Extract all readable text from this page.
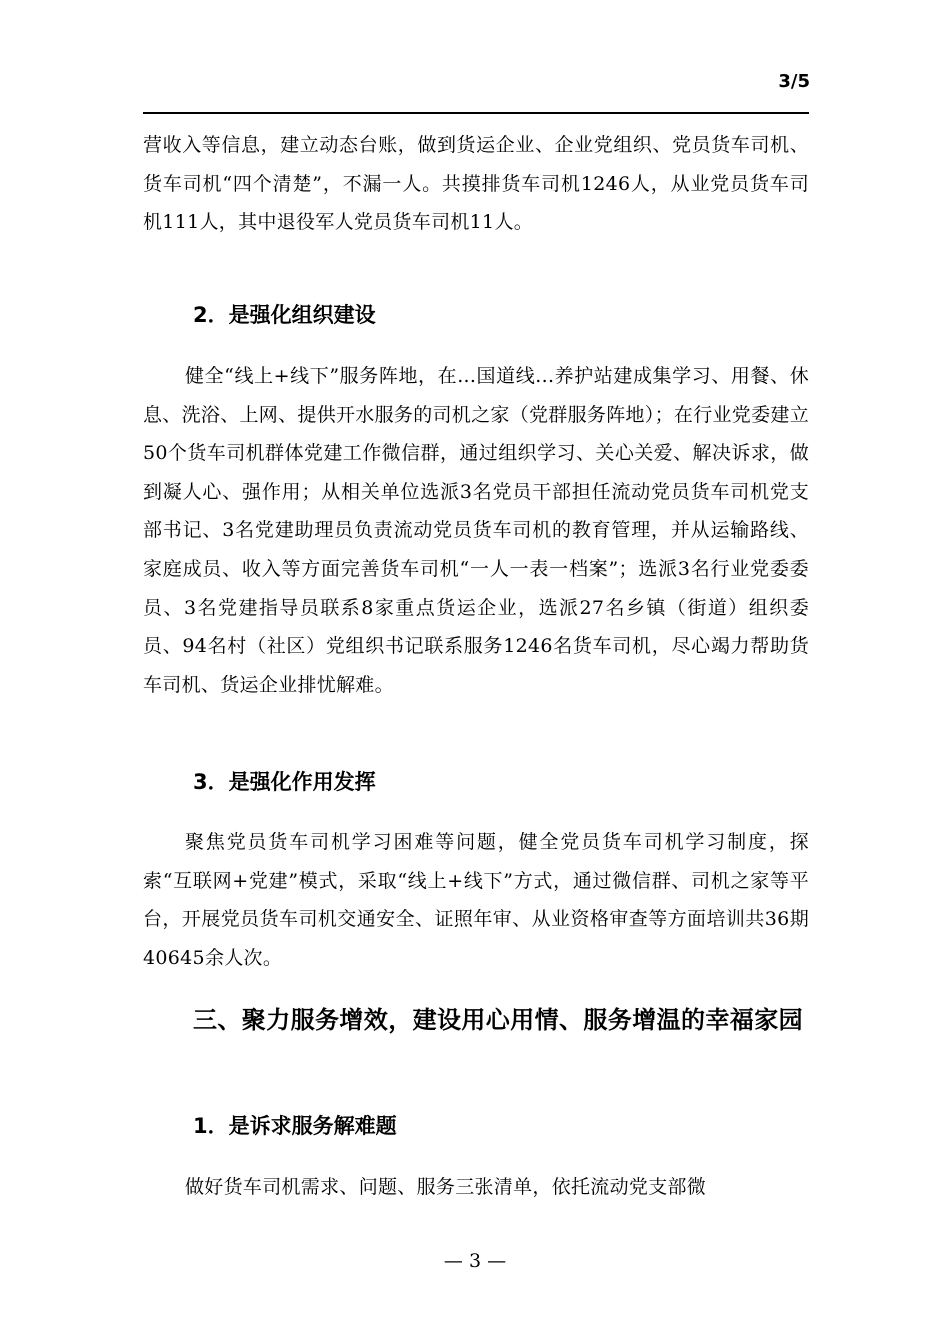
3/5

营收入等信息，建立动态台账，做到货运企业、企业党组织、党员货车司机、货车司机“四个清楚”，不漏一人。共摸排货车司机1246人，从业党员货车司机111人，其中退役军人党员货车司机11人。

2．是强化组织建设

健全“线上+线下”服务阵地，在...国道线...养护站建成集学习、用餐、休息、洗浴、上网、提供开水服务的司机之家（党群服务阵地）；在行业党委建立50个货车司机群体党建工作微信群，通过组织学习、关心关爱、解决诉求，做到凝人心、强作用；从相关单位选派3名党员干部担任流动党员货车司机党支部书记、3名党建助理员负责流动党员货车司机的教育管理，并从运输路线、家庭成员、收入等方面完善货车司机“一人一表一档案”；选派3名行业党委委员、3名党建指导员联系8家重点货运企业，选派27名乡镇（街道）组织委员、94名村（社区）党组织书记联系服务1246名货车司机，尽心竭力帮助货车司机、货运企业排忧解难。

3．是强化作用发挥

聚焦党员货车司机学习困难等问题，健全党员货车司机学习制度，探索“互联网+党建”模式，采取“线上+线下”方式，通过微信群、司机之家等平台，开展党员货车司机交通安全、证照年审、从业资格审查等方面培训共36期40645余人次。

三、聚力服务增效，建设用心用情、服务增温的幸福家园
1．是诉求服务解难题

做好货车司机需求、问题、服务三张清单，依托流动党支部微

— 3 —
